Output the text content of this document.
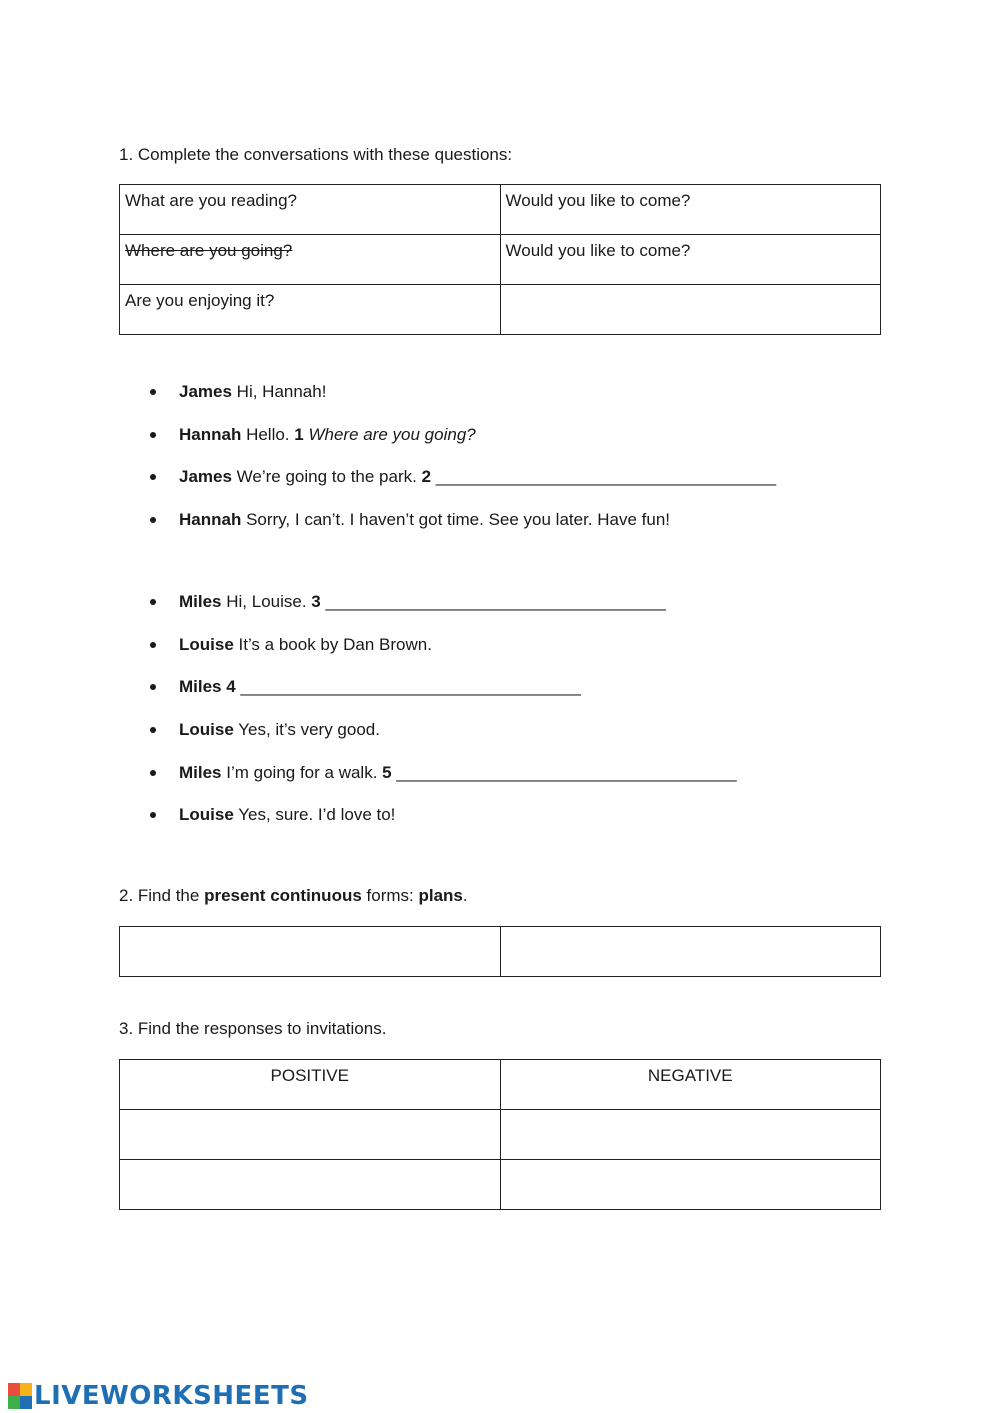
1. Complete the conversations with these questions:
What are you reading?	Would you like to come?
Where are you going?	Would you like to come?
Are you enjoying it?	
James Hi, Hannah!
Hannah Hello. 1 Where are you going?
James We’re going to the park. 2 ____________________________________
Hannah Sorry, I can’t. I haven’t got time. See you later. Have fun!
Miles Hi, Louise. 3 ____________________________________
Louise It’s a book by Dan Brown.
Miles 4 ____________________________________
Louise Yes, it’s very good.
Miles I’m going for a walk. 5 ____________________________________
Louise Yes, sure. I’d love to!
2. Find the present continuous forms: plans.

3. Find the responses to invitations.
POSITIVE	NEGATIVE

LIVEWORKSHEETS
